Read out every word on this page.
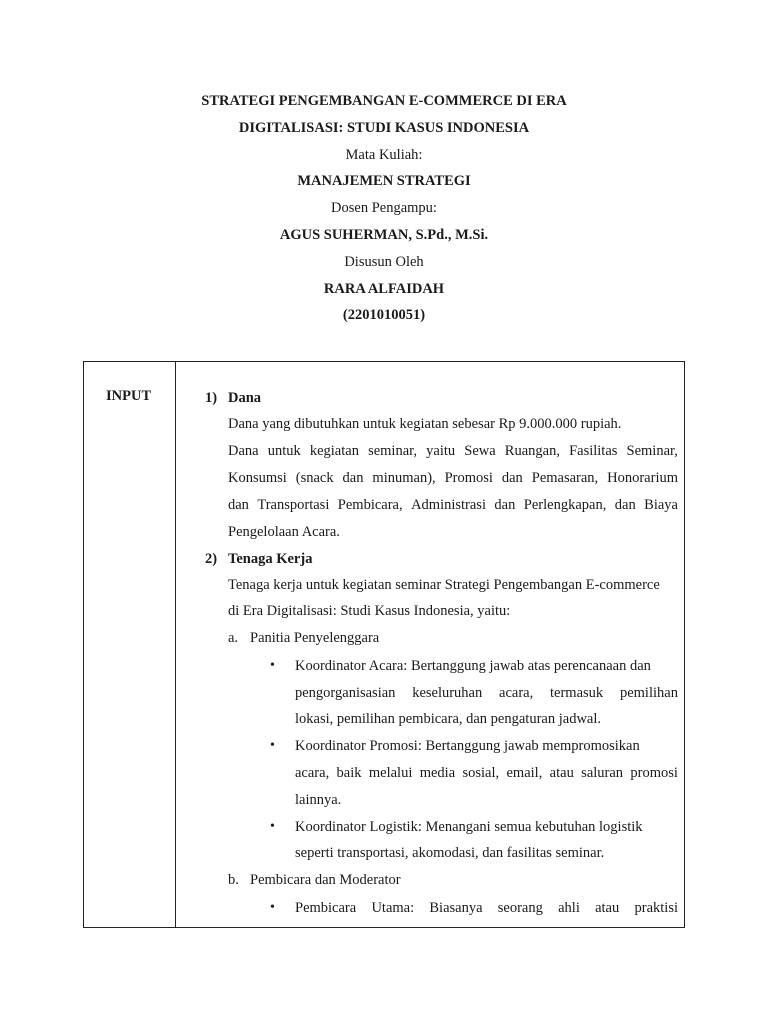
STRATEGI PENGEMBANGAN E-COMMERCE DI ERA
DIGITALISASI: STUDI KASUS INDONESIA
Mata Kuliah:
MANAJEMEN STRATEGI
Dosen Pengampu:
AGUS SUHERMAN, S.Pd., M.Si.
Disusun Oleh
RARA ALFAIDAH
(2201010051)
INPUT	1) Dana
Dana yang dibutuhkan untuk kegiatan sebesar Rp 9.000.000 rupiah.
Dana untuk kegiatan seminar, yaitu Sewa Ruangan, Fasilitas Seminar,
Konsumsi (snack dan minuman), Promosi dan Pemasaran, Honorarium
dan Transportasi Pembicara, Administrasi dan Perlengkapan, dan Biaya
Pengelolaan Acara.
2) Tenaga Kerja
Tenaga kerja untuk kegiatan seminar Strategi Pengembangan E-commerce
di Era Digitalisasi: Studi Kasus Indonesia, yaitu:
a. Panitia Penyelenggara
• Koordinator Acara: Bertanggung jawab atas perencanaan dan
pengorganisasian keseluruhan acara, termasuk pemilihan
lokasi, pemilihan pembicara, dan pengaturan jadwal.
• Koordinator Promosi: Bertanggung jawab mempromosikan
acara, baik melalui media sosial, email, atau saluran promosi
lainnya.
• Koordinator Logistik: Menangani semua kebutuhan logistik
seperti transportasi, akomodasi, dan fasilitas seminar.
b. Pembicara dan Moderator
• Pembicara Utama: Biasanya seorang ahli atau praktisi
